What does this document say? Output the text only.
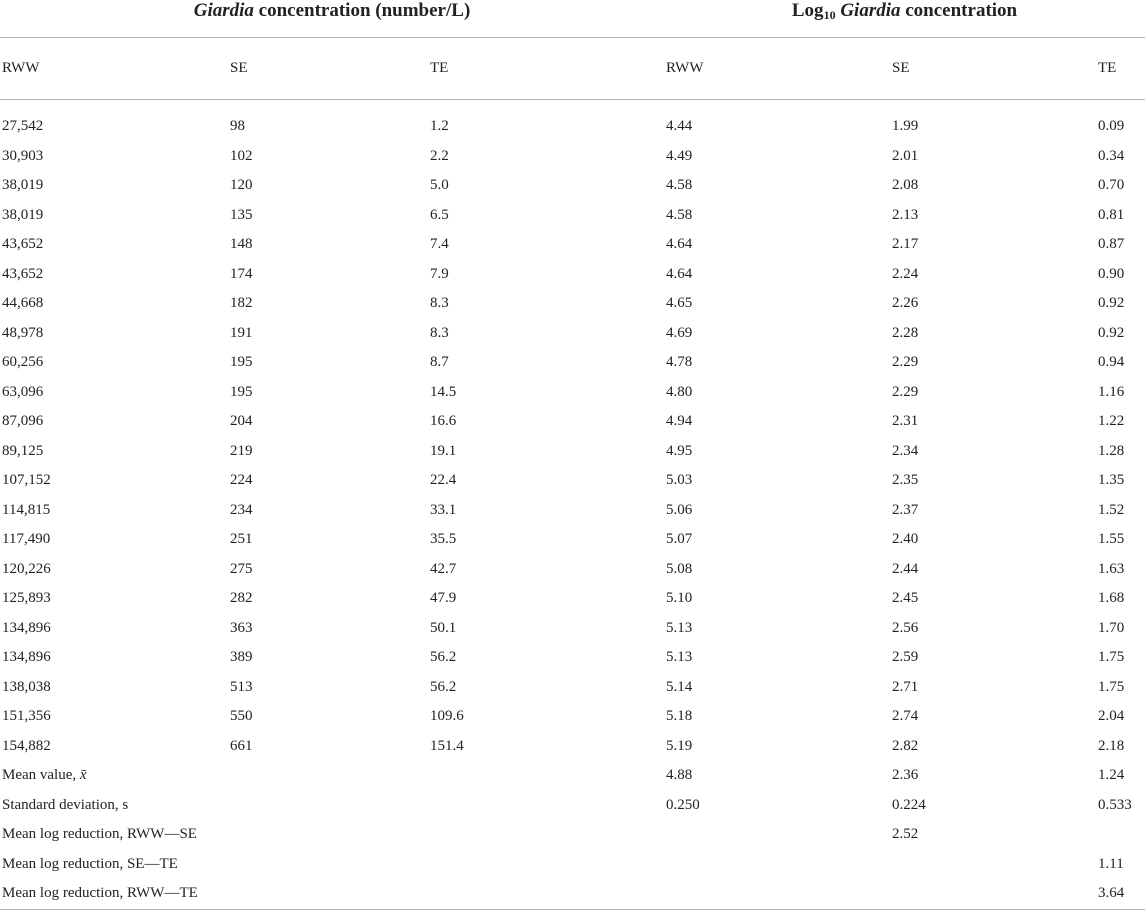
Giardia concentration (number/L)			Log$_{10}$ Giardia concentration		
RWW	SE	TE	RWW	SE	TE

27,542	98	1.2	4.44	1.99	0.09
30,903	102	2.2	4.49	2.01	0.34
38,019	120	5.0	4.58	2.08	0.70
38,019	135	6.5	4.58	2.13	0.81
43,652	148	7.4	4.64	2.17	0.87
43,652	174	7.9	4.64	2.24	0.90
44,668	182	8.3	4.65	2.26	0.92
48,978	191	8.3	4.69	2.28	0.92
60,256	195	8.7	4.78	2.29	0.94
63,096	195	14.5	4.80	2.29	1.16
87,096	204	16.6	4.94	2.31	1.22
89,125	219	19.1	4.95	2.34	1.28
107,152	224	22.4	5.03	2.35	1.35
114,815	234	33.1	5.06	2.37	1.52
117,490	251	35.5	5.07	2.40	1.55
120,226	275	42.7	5.08	2.44	1.63
125,893	282	47.9	5.10	2.45	1.68
134,896	363	50.1	5.13	2.56	1.70
134,896	389	56.2	5.13	2.59	1.75
138,038	513	56.2	5.14	2.71	1.75
151,356	550	109.6	5.18	2.74	2.04
154,882	661	151.4	5.19	2.82	2.18
Mean value, x̄			4.88	2.36	1.24
Standard deviation, s			0.250	0.224	0.533
Mean log reduction, RWW—SE				2.52	
Mean log reduction, SE—TE					1.11
Mean log reduction, RWW—TE					3.64
